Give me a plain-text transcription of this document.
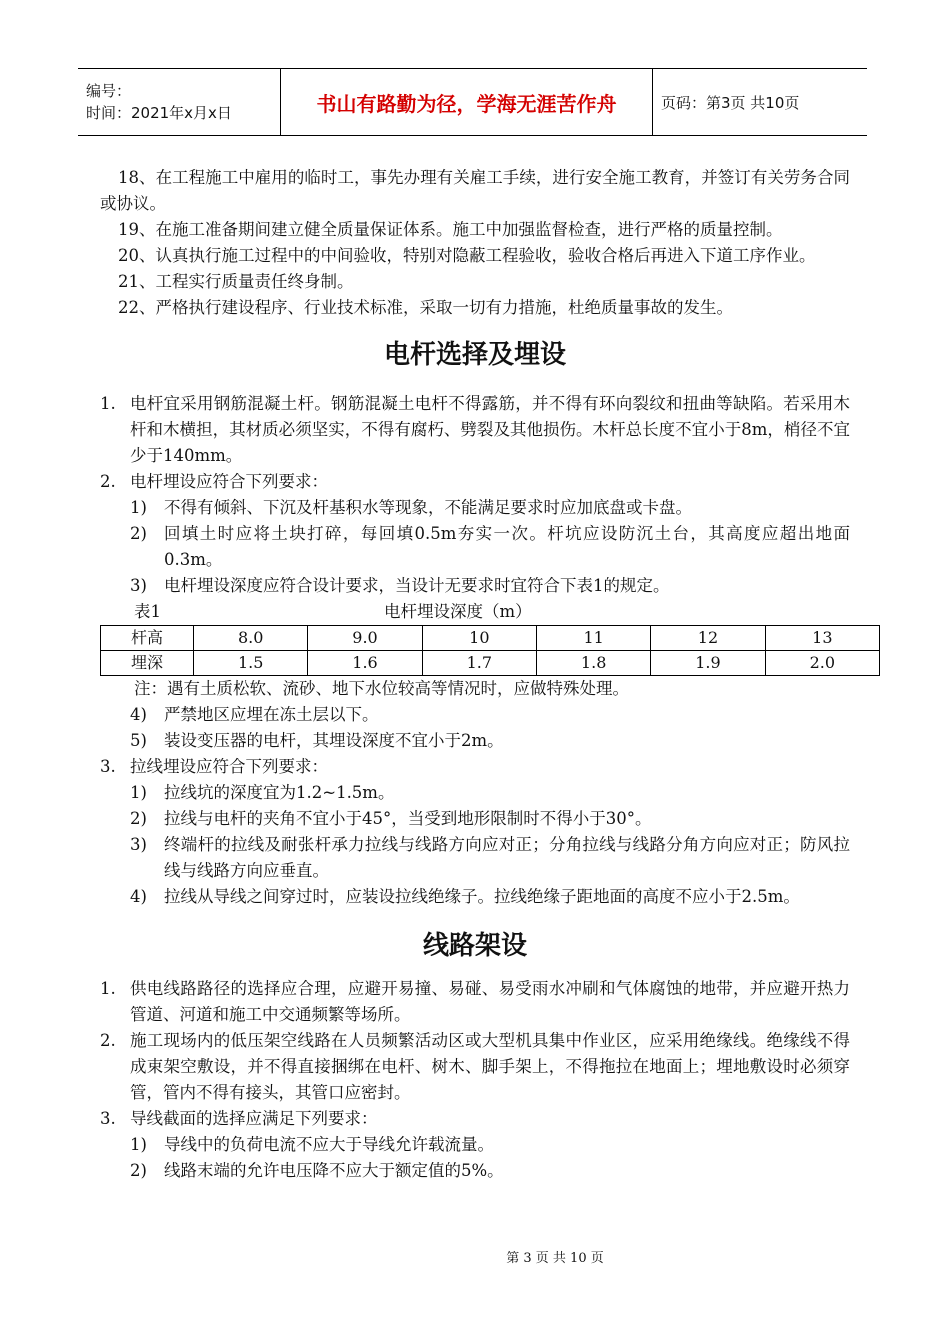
编号：
时间：2021年x月x日	书山有路勤为径，学海无涯苦作舟	页码：第3页 共10页

18、在工程施工中雇用的临时工，事先办理有关雇工手续，进行安全施工教育，并签订有关劳务合同或协议。

19、在施工准备期间建立健全质量保证体系。施工中加强监督检查，进行严格的质量控制。

20、认真执行施工过程中的中间验收，特别对隐蔽工程验收，验收合格后再进入下道工序作业。

21、工程实行质量责任终身制。

22、严格执行建设程序、行业技术标准，采取一切有力措施，杜绝质量事故的发生。

电杆选择及埋设
1. 电杆宜采用钢筋混凝土杆。钢筋混凝土电杆不得露筋，并不得有环向裂纹和扭曲等缺陷。若采用木杆和木横担，其材质必须坚实，不得有腐朽、劈裂及其他损伤。木杆总长度不宜小于8m，梢径不宜少于140mm。
2. 电杆埋设应符合下列要求：
1)	不得有倾斜、下沉及杆基积水等现象，不能满足要求时应加底盘或卡盘。
2)	回填土时应将土块打碎，每回填0.5m夯实一次。杆坑应设防沉土台，其高度应超出地面0.3m。
3)	电杆埋设深度应符合设计要求，当设计无要求时宜符合下表1的规定。
表1	电杆埋设深度（m）
杆高	8.0	9.0	10	11	12	13
埋深	1.5	1.6	1.7	1.8	1.9	2.0
注：遇有土质松软、流砂、地下水位较高等情况时，应做特殊处理。
4)	严禁地区应埋在冻土层以下。
5)	装设变压器的电杆，其埋设深度不宜小于2m。
3. 拉线埋设应符合下列要求：
1)	拉线坑的深度宜为1.2~1.5m。
2)	拉线与电杆的夹角不宜小于45°，当受到地形限制时不得小于30°。
3)	终端杆的拉线及耐张杆承力拉线与线路方向应对正；分角拉线与线路分角方向应对正；防风拉线与线路方向应垂直。
4)	拉线从导线之间穿过时，应装设拉线绝缘子。拉线绝缘子距地面的高度不应小于2.5m。
线路架设
1. 供电线路路径的选择应合理，应避开易撞、易碰、易受雨水冲刷和气体腐蚀的地带，并应避开热力管道、河道和施工中交通频繁等场所。
2. 施工现场内的低压架空线路在人员频繁活动区或大型机具集中作业区，应采用绝缘线。绝缘线不得成束架空敷设，并不得直接捆绑在电杆、树木、脚手架上，不得拖拉在地面上；埋地敷设时必须穿管，管内不得有接头，其管口应密封。
3. 导线截面的选择应满足下列要求：
1)	导线中的负荷电流不应大于导线允许载流量。
2)	线路末端的允许电压降不应大于额定值的5%。
第 3 页 共 10 页
